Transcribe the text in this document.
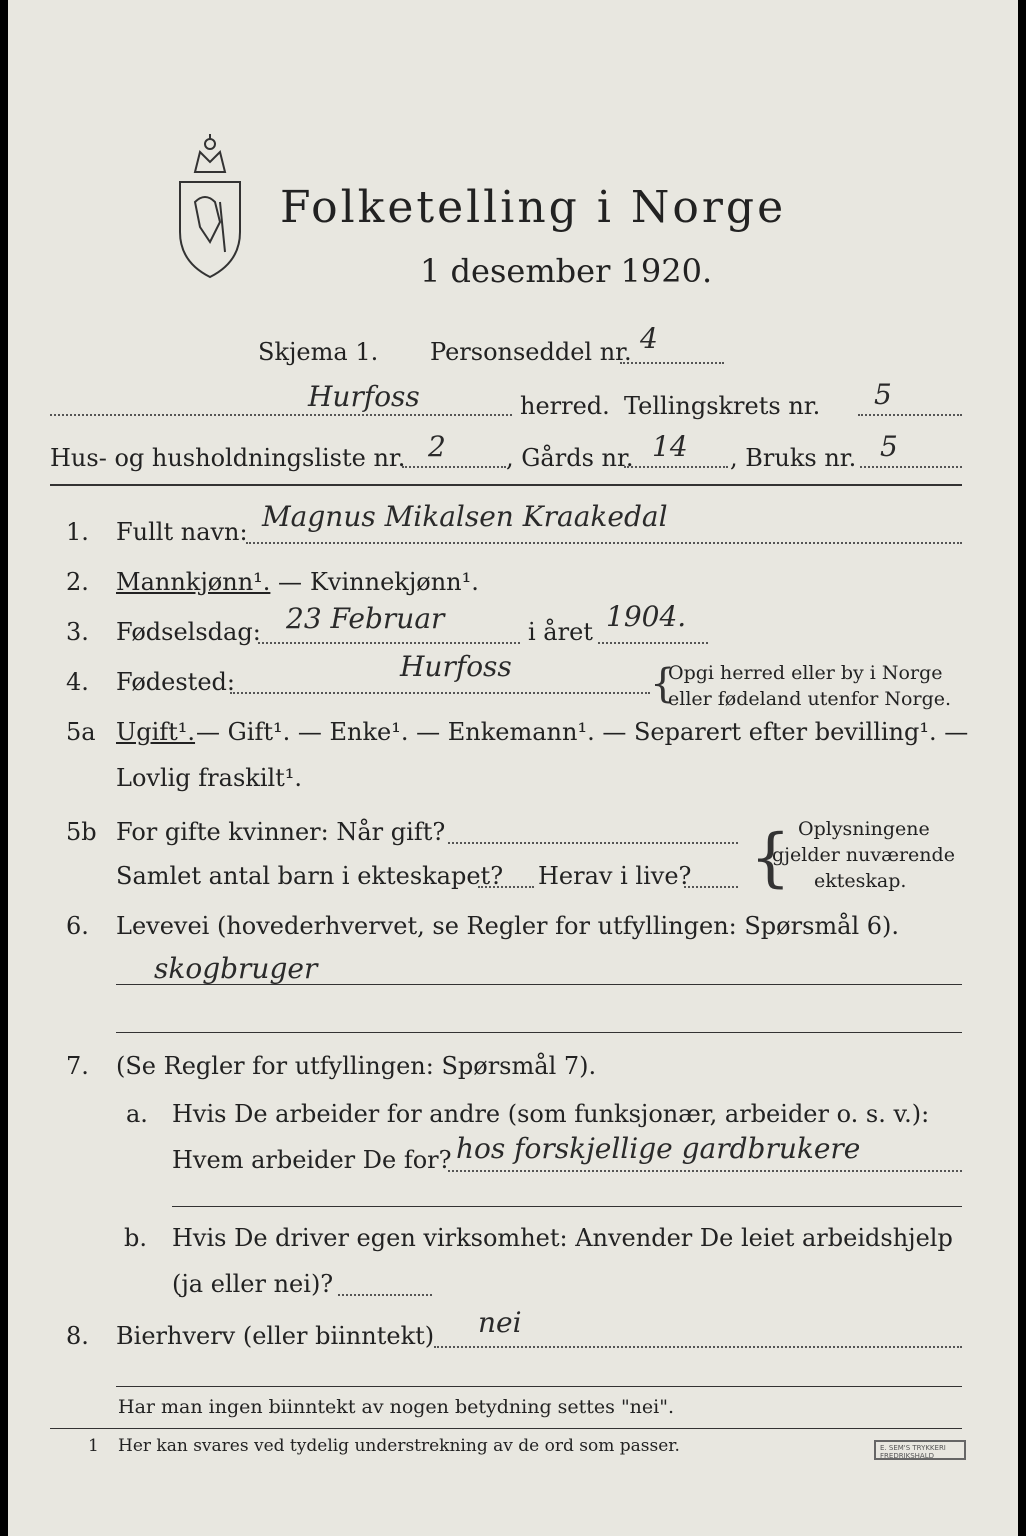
Folketelling i Norge
1 desember 1920.
Skjema 1. Personseddel nr. 4
Hurfoss	herred. Tellingskrets nr. 5
Hus- og husholdningsliste nr. 2	, Gårds nr. 14 , Bruks nr. 5
1. Fullt navn: Magnus Mikalsen Kraakedal
2. Mannkjønn¹. — Kvinnekjønn¹.
3. Fødselsdag: 23 Februar	i året 1904.
4. Fødested:	Hurfoss	{
Opgi herred eller by i Norge
eller fødeland utenfor Norge.
5a Ugift¹. — Gift¹. — Enke¹. — Enkemann¹. — Separert efter bevilling¹. —
Lovlig fraskilt¹.
5b For gifte kvinner: Når gift?
Samlet antal barn i ekteskapet? Herav i live? { Oplysningene
gjelder nuværende
ekteskap.
6. Levevei (hovederhvervet, se Regler for utfyllingen: Spørsmål 6).
skogbruger
7. (Se Regler for utfyllingen: Spørsmål 7).
a. Hvis De arbeider for andre (som funksjonær, arbeider o. s. v.):
Hvem arbeider De for? hos forskjellige gardbrukere
b. Hvis De driver egen virksomhet: Anvender De leiet arbeidshjelp
(ja eller nei)?
8. Bierhverv (eller biinntekt) nei
Har man ingen biinntekt av nogen betydning settes "nei".
1 Her kan svares ved tydelig understrekning av de ord som passer.	E. SEM'S TRYKKERI FREDRIKSHALD
